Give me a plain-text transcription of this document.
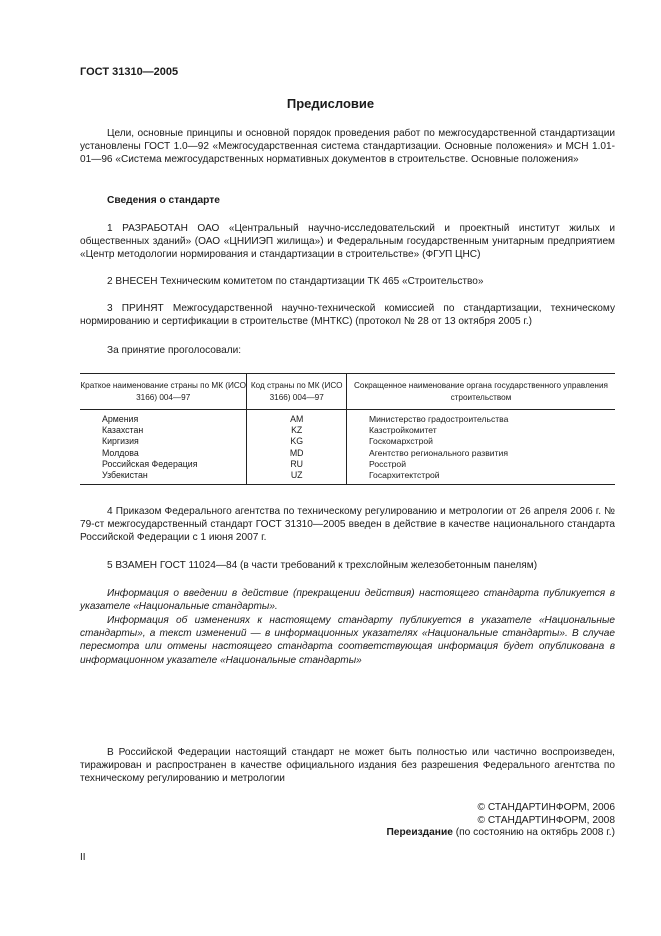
ГОСТ 31310—2005
Предисловие
Цели, основные принципы и основной порядок проведения работ по межгосударственной стандартизации установлены ГОСТ 1.0—92 «Межгосударственная система стандартизации. Основные положения» и МСН 1.01-01—96 «Система межгосударственных нормативных документов в строительстве. Основные положения»
Сведения о стандарте
1 РАЗРАБОТАН ОАО «Центральный научно-исследовательский и проектный институт жилых и общественных зданий» (ОАО «ЦНИИЭП жилища») и Федеральным государственным унитарным предприятием «Центр методологии нормирования и стандартизации в строительстве» (ФГУП ЦНС)
2 ВНЕСЕН Техническим комитетом по стандартизации ТК 465 «Строительство»
3 ПРИНЯТ Межгосударственной научно-технической комиссией по стандартизации, техническому нормированию и сертификации в строительстве (МНТКС) (протокол № 28 от 13 октября 2005 г.)
За принятие проголосовали:
Краткое наименование страны по МК (ИСО 3166) 004—97	Код страны по МК (ИСО 3166) 004—97	Сокращенное наименование органа государственного управления строительством
Армения	AM	Министерство градостроительства
Казахстан	KZ	Казстройкомитет
Киргизия	KG	Госкомархстрой
Молдова	MD	Агентство регионального развития
Российская Федерация	RU	Росстрой
Узбекистан	UZ	Госархитектстрой
4 Приказом Федерального агентства по техническому регулированию и метрологии от 26 апреля 2006 г. № 79-ст межгосударственный стандарт ГОСТ 31310—2005 введен в действие в качестве национального стандарта Российской Федерации с 1 июня 2007 г.
5 ВЗАМЕН ГОСТ 11024—84 (в части требований к трехслойным железобетонным панелям)
Информация о введении в действие (прекращении действия) настоящего стандарта публикуется в указателе «Национальные стандарты».
Информация об изменениях к настоящему стандарту публикуется в указателе «Национальные стандарты», а текст изменений — в информационных указателях «Национальные стандарты». В случае пересмотра или отмены настоящего стандарта соответствующая информация будет опубликована в информационном указателе «Национальные стандарты»
В Российской Федерации настоящий стандарт не может быть полностью или частично воспроизведен, тиражирован и распространен в качестве официального издания без разрешения Федерального агентства по техническому регулированию и метрологии
© СТАНДАРТИНФОРМ, 2006
© СТАНДАРТИНФОРМ, 2008
Переиздание (по состоянию на октябрь 2008 г.)
II
